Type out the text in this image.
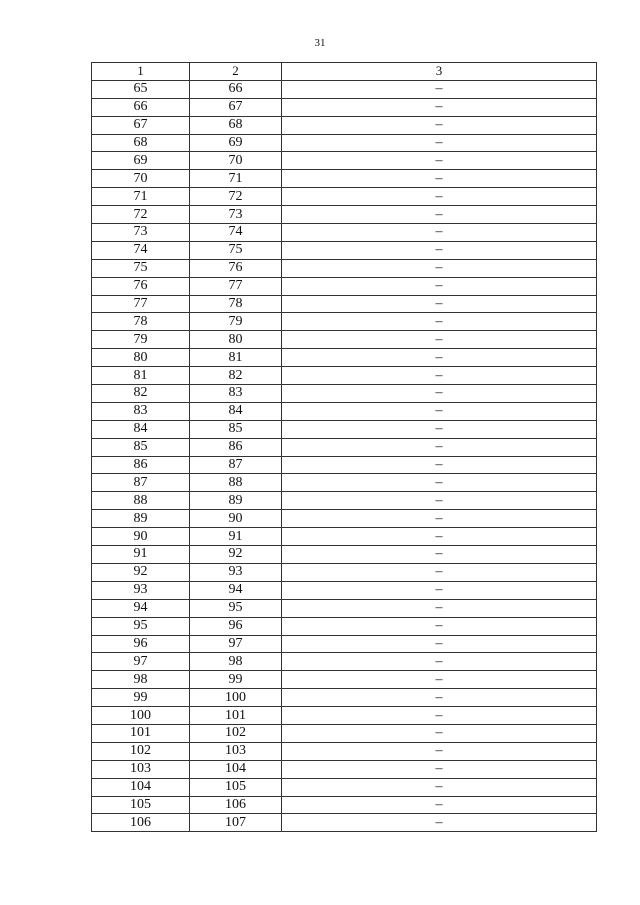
31
1	2	3
65	66	–
66	67	–
67	68	–
68	69	–
69	70	–
70	71	–
71	72	–
72	73	–
73	74	–
74	75	–
75	76	–
76	77	–
77	78	–
78	79	–
79	80	–
80	81	–
81	82	–
82	83	–
83	84	–
84	85	–
85	86	–
86	87	–
87	88	–
88	89	–
89	90	–
90	91	–
91	92	–
92	93	–
93	94	–
94	95	–
95	96	–
96	97	–
97	98	–
98	99	–
99	100	–
100	101	–
101	102	–
102	103	–
103	104	–
104	105	–
105	106	–
106	107	–
